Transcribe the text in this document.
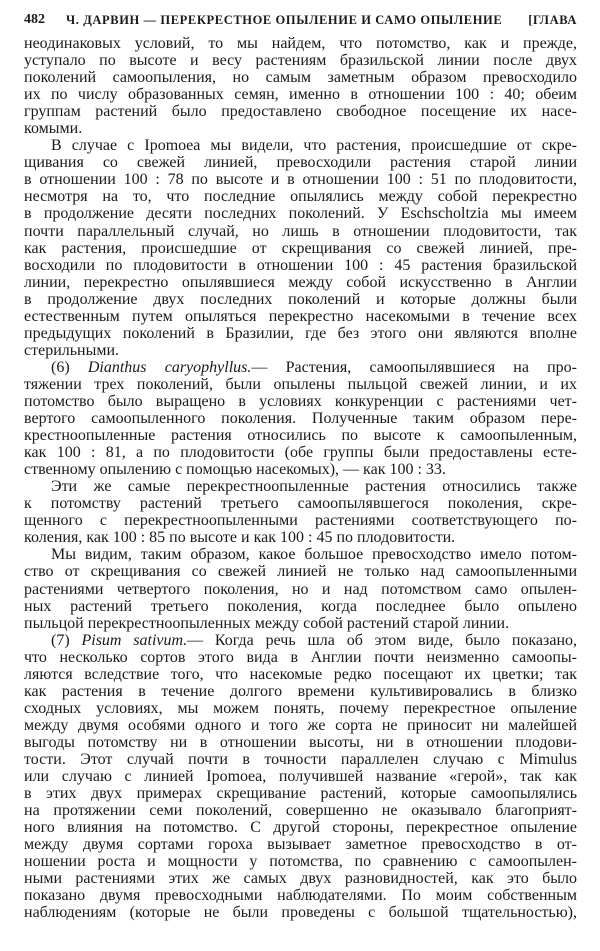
482 Ч. ДАРВИН — ПЕРЕКРЕСТНОЕ ОПЫЛЕНИЕ И САМО ОПЫЛЕНИЕ [ГЛАВА
неодинаковых условий, то мы найдем, что потомство, как и прежде,
уступало по высоте и весу растениям бразильской линии после двух
поколений самоопыления, но самым заметным образом превосходило
их по числу образованных семян, именно в отношении 100 : 40; обеим
группам растений было предоставлено свободное посещение их насе-
комыми.
В случае с Ipomoea мы видели, что растения, происшедшие от скре-
щивания со свежей линией, превосходили растения старой линии
в отношении 100 : 78 по высоте и в отношении 100 : 51 по плодовитости,
несмотря на то, что последние опылялись между собой перекрестно
в продолжение десяти последних поколений. У Eschscholtzia мы имеем
почти параллельный случай, но лишь в отношении плодовитости, так
как растения, происшедшие от скрещивания со свежей линией, пре-
восходили по плодовитости в отношении 100 : 45 растения бразильской
линии, перекрестно опылявшиеся между собой искусственно в Англии
в продолжение двух последних поколений и которые должны были
естественным путем опыляться перекрестно насекомыми в течение всех
предыдущих поколений в Бразилии, где без этого они являются вполне
стерильными.
(6) Dianthus caryophyllus.— Растения, самоопылявшиеся на про-
тяжении трех поколений, были опылены пыльцой свежей линии, и их
потомство было выращено в условиях конкуренции с растениями чет-
вертого самоопыленного поколения. Полученные таким образом пере-
крестноопыленные растения относились по высоте к самоопыленным,
как 100 : 81, а по плодовитости (обе группы были предоставлены есте-
ственному опылению с помощью насекомых), — как 100 : 33.
Эти же самые перекрестноопыленные растения относились также
к потомству растений третьего самоопылявшегося поколения, скре-
щенного с перекрестноопыленными растениями соответствующего по-
коления, как 100 : 85 по высоте и как 100 : 45 по плодовитости.
Мы видим, таким образом, какое большое превосходство имело потом-
ство от скрещивания со свежей линией не только над самоопыленными
растениями четвертого поколения, но и над потомством само опылен-
ных растений третьего поколения, когда последнее было опылено
пыльцой перекрестноопыленных между собой растений старой линии.
(7) Pisum sativum.— Когда речь шла об этом виде, было показано,
что несколько сортов этого вида в Англии почти неизменно самоопы-
ляются вследствие того, что насекомые редко посещают их цветки; так
как растения в течение долгого времени культивировались в близко
сходных условиях, мы можем понять, почему перекрестное опыление
между двумя особями одного и того же сорта не приносит ни малейшей
выгоды потомству ни в отношении высоты, ни в отношении плодови-
тости. Этот случай почти в точности параллелен случаю с Mimulus
или случаю с линией Ipomoea, получившей название «герой», так как
в этих двух примерах скрещивание растений, которые самоопылялись
на протяжении семи поколений, совершенно не оказывало благоприят-
ного влияния на потомство. С другой стороны, перекрестное опыление
между двумя сортами гороха вызывает заметное превосходство в от-
ношении роста и мощности у потомства, по сравнению с самоопылен-
ными растениями этих же самых двух разновидностей, как это было
показано двумя превосходными наблюдателями. По моим собственным
наблюдениям (которые не были проведены с большой тщательностью),
